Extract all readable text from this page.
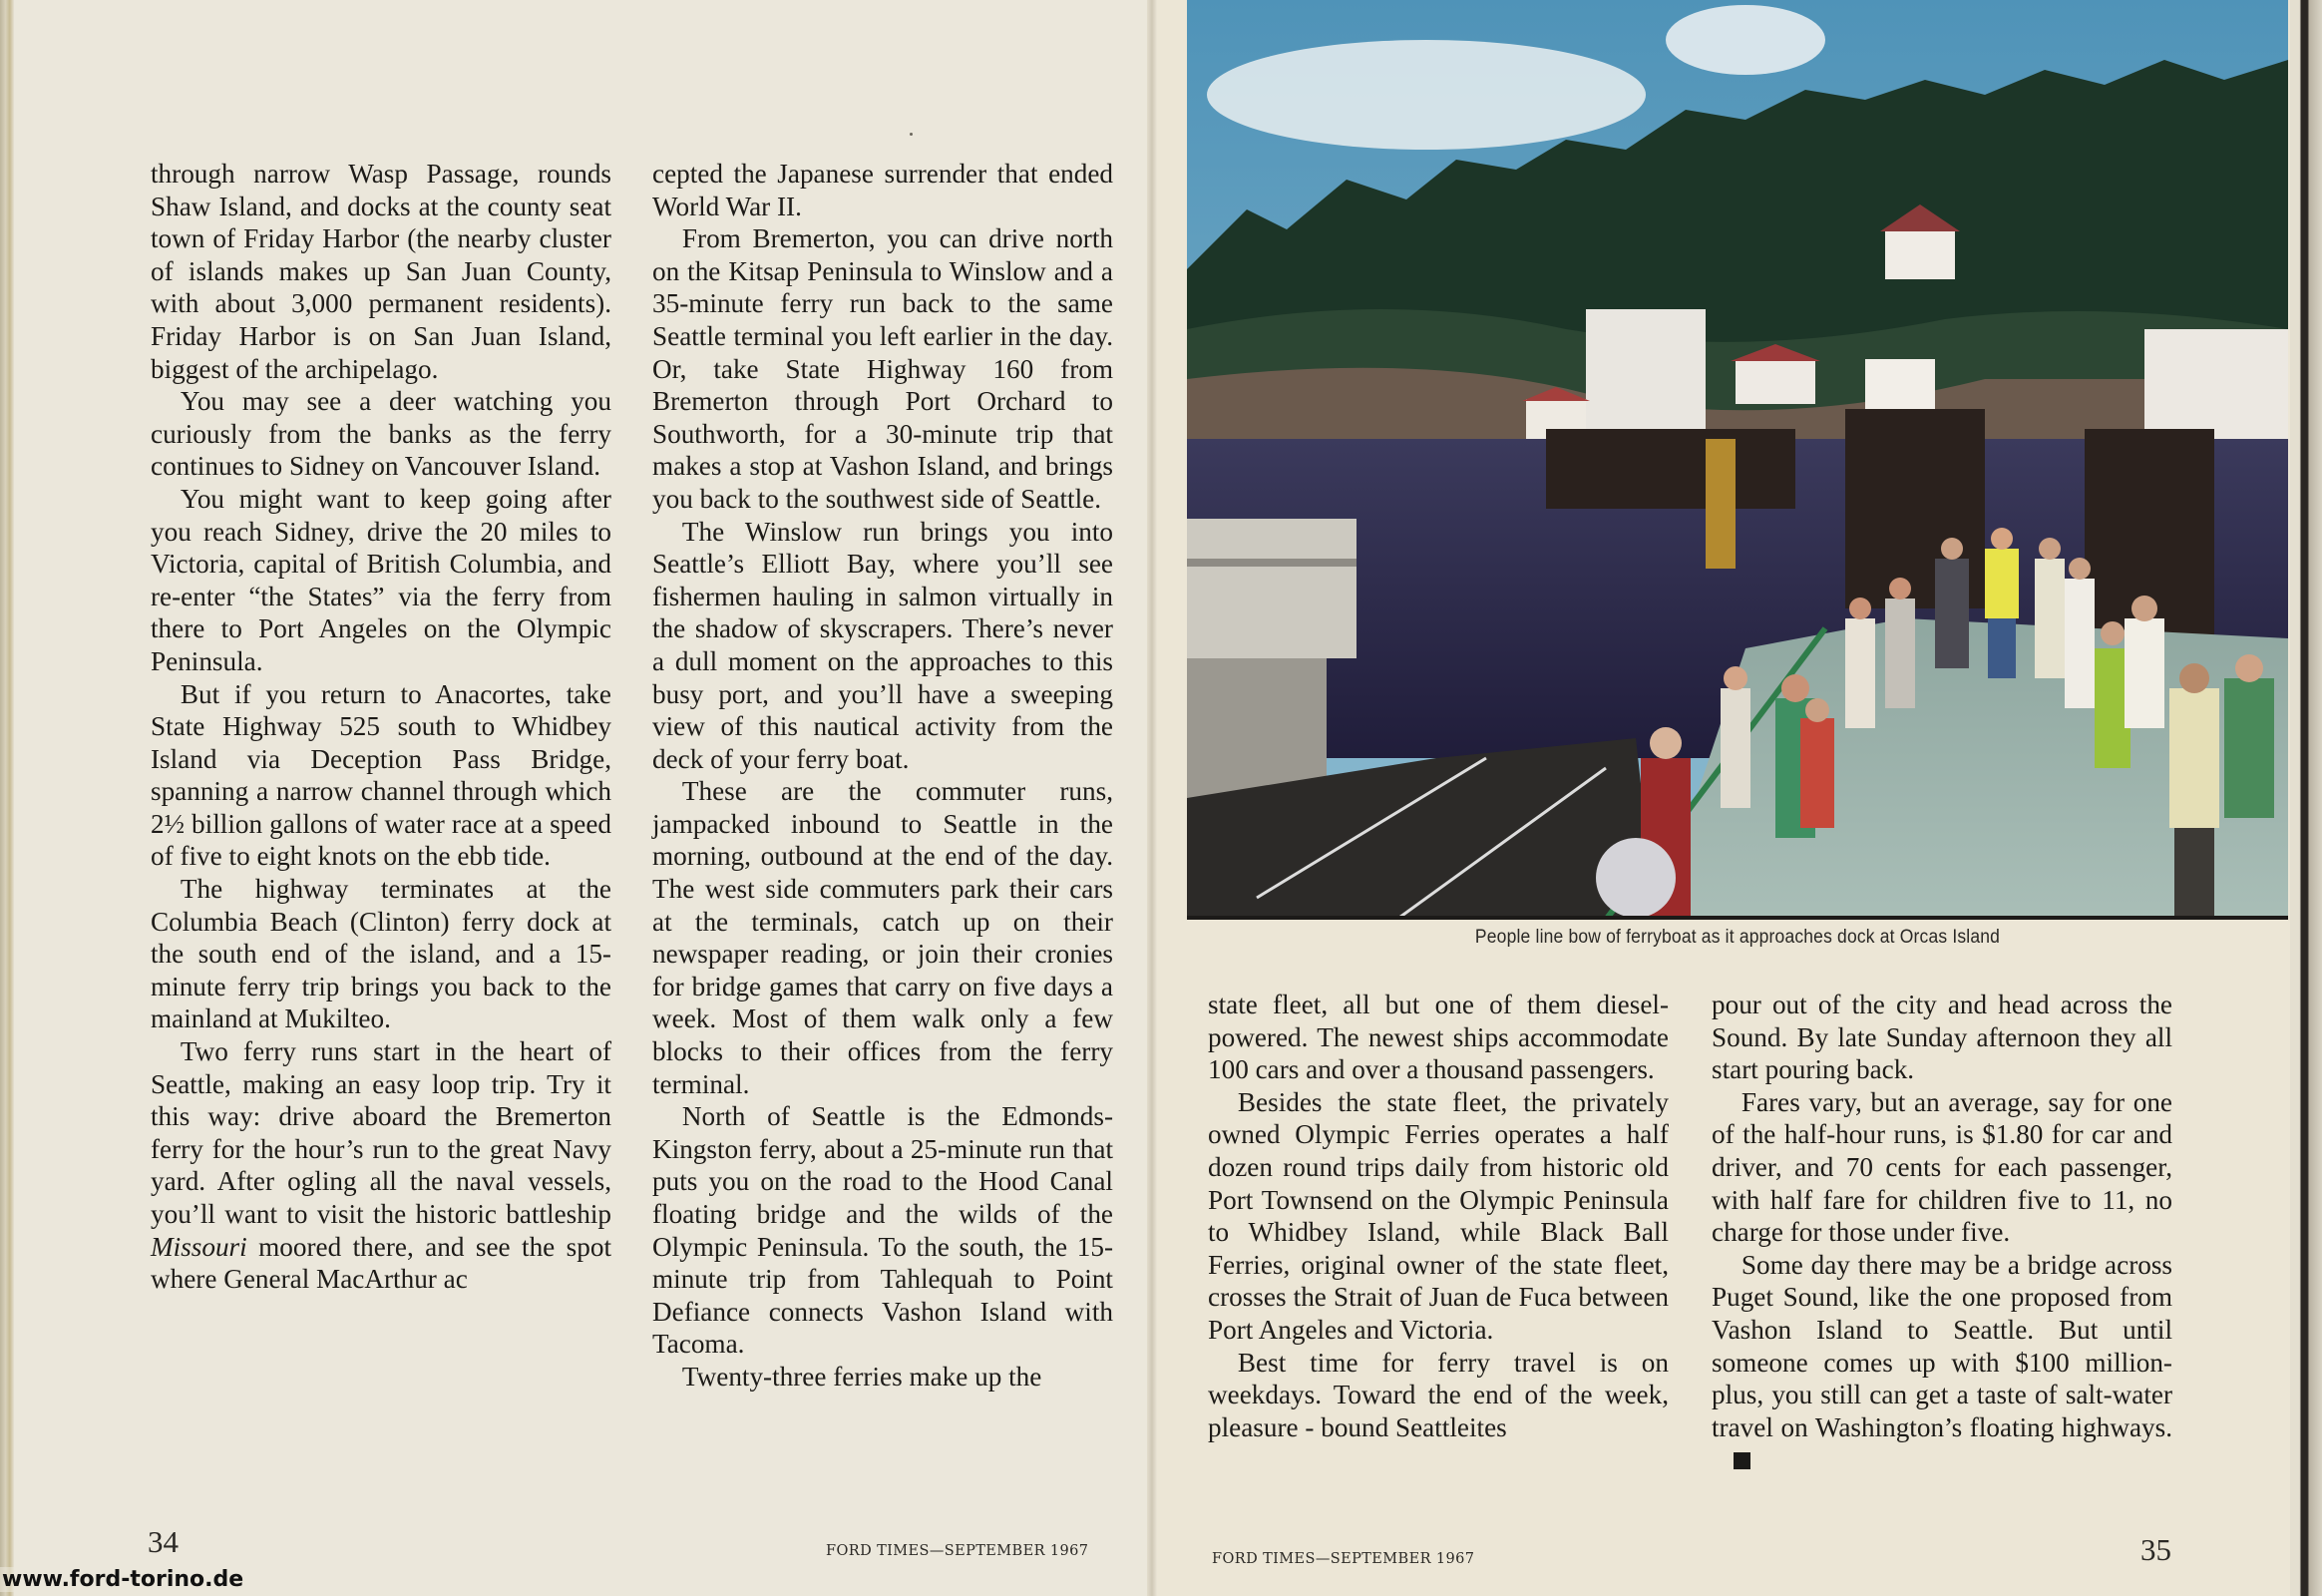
through narrow Wasp Passage, rounds Shaw Island, and docks at the county seat town of Friday Harbor (the nearby cluster of islands makes up San Juan County, with about 3,000 permanent residents). Friday Harbor is on San Juan Island, biggest of the archipelago.

You may see a deer watching you curiously from the banks as the ferry continues to Sidney on Vancouver Island.

You might want to keep going after you reach Sidney, drive the 20 miles to Victoria, capital of British Columbia, and re-enter “the States” via the ferry from there to Port Angeles on the Olympic Peninsula.

But if you return to Anacortes, take State Highway 525 south to Whidbey Island via Deception Pass Bridge, spanning a narrow channel through which 2½ billion gallons of water race at a speed of five to eight knots on the ebb tide.

The highway terminates at the Columbia Beach (Clinton) ferry dock at the south end of the island, and a 15-minute ferry trip brings you back to the mainland at Mukilteo.

Two ferry runs start in the heart of Seattle, making an easy loop trip. Try it this way: drive aboard the Bremerton ferry for the hour’s run to the great Navy yard. After ogling all the naval vessels, you’ll want to visit the historic battleship Missouri moored there, and see the spot where General MacArthur ac

cepted the Japanese surrender that ended World War II.

From Bremerton, you can drive north on the Kitsap Peninsula to Winslow and a 35-minute ferry run back to the same Seattle terminal you left earlier in the day. Or, take State Highway 160 from Bremerton through Port Orchard to Southworth, for a 30-minute trip that makes a stop at Vashon Island, and brings you back to the southwest side of Seattle.

The Winslow run brings you into Seattle’s Elliott Bay, where you’ll see fishermen hauling in salmon virtually in the shadow of skyscrapers. There’s never a dull moment on the approaches to this busy port, and you’ll have a sweeping view of this nautical activity from the deck of your ferry boat.

These are the commuter runs, jampacked inbound to Seattle in the morning, outbound at the end of the day. The west side commuters park their cars at the terminals, catch up on their newspaper reading, or join their cronies for bridge games that carry on five days a week. Most of them walk only a few blocks to their offices from the ferry terminal.

North of Seattle is the Edmonds-Kingston ferry, about a 25-minute run that puts you on the road to the Hood Canal floating bridge and the wilds of the Olympic Peninsula. To the south, the 15-minute trip from Tahlequah to Point Defiance connects Vashon Island with Tacoma.

Twenty-three ferries make up the

34	FORD TIMES—SEPTEMBER 1967
www.ford-torino.de
People line bow of ferryboat as it approaches dock at Orcas Island

state fleet, all but one of them diesel-powered. The newest ships accommodate 100 cars and over a thousand passengers.

Besides the state fleet, the privately owned Olympic Ferries operates a half dozen round trips daily from historic old Port Townsend on the Olympic Peninsula to Whidbey Island, while Black Ball Ferries, original owner of the state fleet, crosses the Strait of Juan de Fuca between Port Angeles and Victoria.

Best time for ferry travel is on weekdays. Toward the end of the week, pleasure - bound Seattleites

pour out of the city and head across the Sound. By late Sunday afternoon they all start pouring back.

Fares vary, but an average, say for one of the half-hour runs, is $1.80 for car and driver, and 70 cents for each passenger, with half fare for children five to 11, no charge for those under five.

Some day there may be a bridge across Puget Sound, like the one proposed from Vashon Island to Seattle. But until someone comes up with $100 million-plus, you still can get a taste of salt-water travel on Washington’s floating highways.

FORD TIMES—SEPTEMBER 1967	35
